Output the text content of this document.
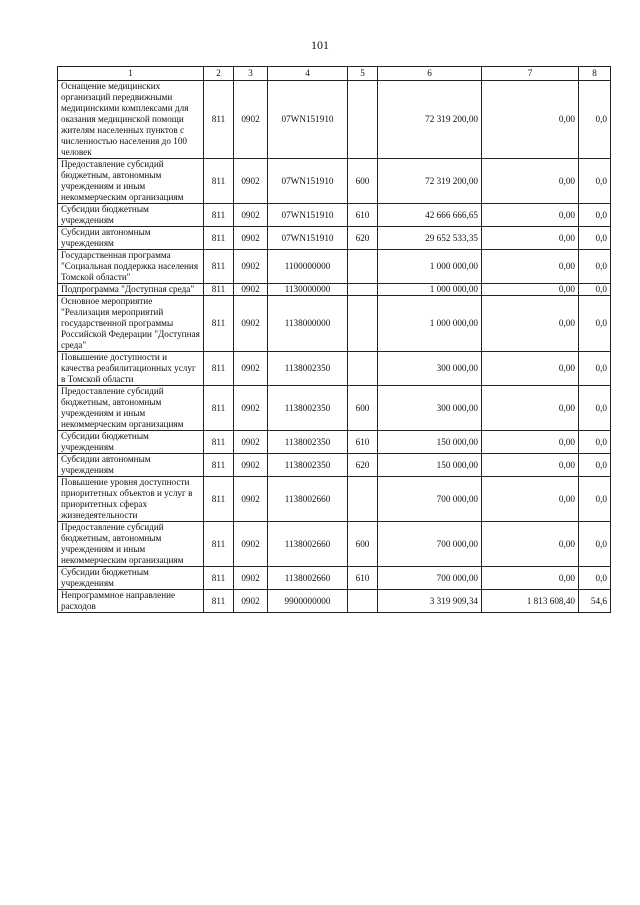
101
1	2	3	4	5	6	7	8
Оснащение медицинских организаций передвижными медицинскими комплексами для оказания медицинской помощи жителям населенных пунктов с численностью населения до 100 человек	811	0902	07WN151910		72 319 200,00	0,00	0,0
Предоставление субсидий бюджетным, автономным учреждениям и иным некоммерческим организациям	811	0902	07WN151910	600	72 319 200,00	0,00	0,0
Субсидии бюджетным учреждениям	811	0902	07WN151910	610	42 666 666,65	0,00	0,0
Субсидии автономным учреждениям	811	0902	07WN151910	620	29 652 533,35	0,00	0,0
Государственная программа "Социальная поддержка населения Томской области"	811	0902	1100000000		1 000 000,00	0,00	0,0
Подпрограмма "Доступная среда"	811	0902	1130000000		1 000 000,00	0,00	0,0
Основное мероприятие "Реализация мероприятий государственной программы Российской Федерации "Доступная среда"	811	0902	1138000000		1 000 000,00	0,00	0,0
Повышение доступности и качества реабилитационных услуг в Томской области	811	0902	1138002350		300 000,00	0,00	0,0
Предоставление субсидий бюджетным, автономным учреждениям и иным некоммерческим организациям	811	0902	1138002350	600	300 000,00	0,00	0,0
Субсидии бюджетным учреждениям	811	0902	1138002350	610	150 000,00	0,00	0,0
Субсидии автономным учреждениям	811	0902	1138002350	620	150 000,00	0,00	0,0
Повышение уровня доступности приоритетных объектов и услуг в приоритетных сферах жизнедеятельности	811	0902	1138002660		700 000,00	0,00	0,0
Предоставление субсидий бюджетным, автономным учреждениям и иным некоммерческим организациям	811	0902	1138002660	600	700 000,00	0,00	0,0
Субсидии бюджетным учреждениям	811	0902	1138002660	610	700 000,00	0,00	0,0
Непрограммное направление расходов	811	0902	9900000000		3 319 909,34	1 813 608,40	54,6
